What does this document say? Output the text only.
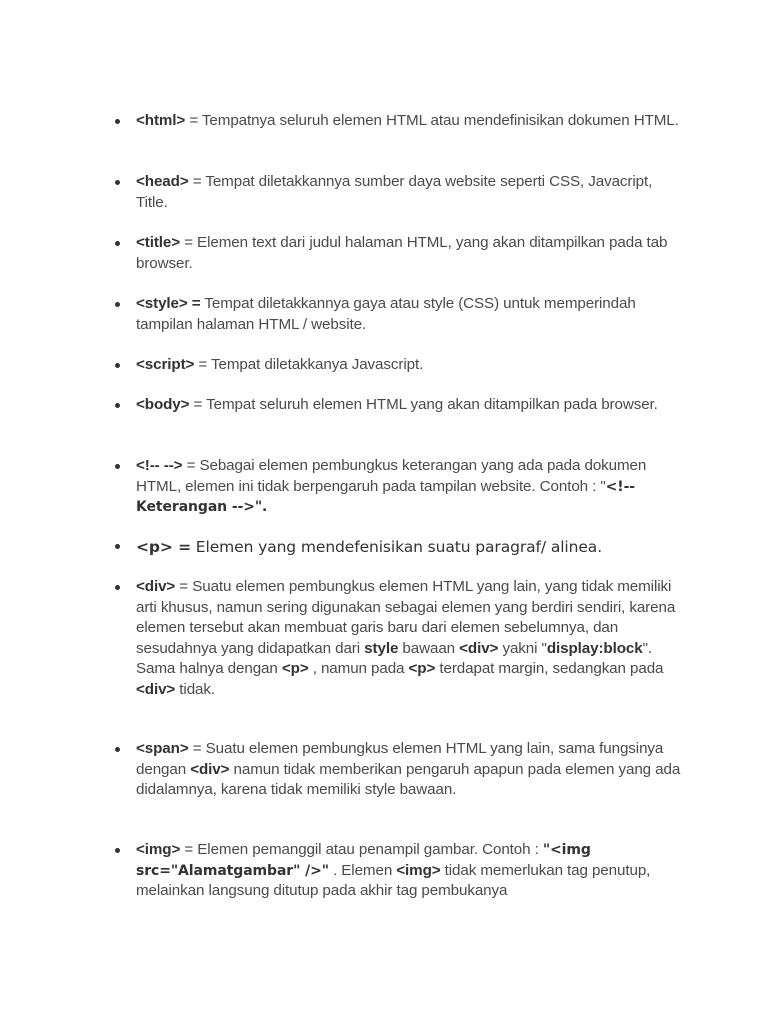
<html> = Tempatnya seluruh elemen HTML atau mendefinisikan dokumen HTML.
<head> = Tempat diletakkannya sumber daya website seperti CSS, Javacript, Title.
<title> = Elemen text dari judul halaman HTML, yang akan ditampilkan pada tab browser.
<style> = Tempat diletakkannya gaya atau style (CSS) untuk memperindah tampilan halaman HTML / website.
<script> = Tempat diletakkanya Javascript.
<body> = Tempat seluruh elemen HTML yang akan ditampilkan pada browser.
<!-- --> = Sebagai elemen pembungkus keterangan yang ada pada dokumen HTML, elemen ini tidak berpengaruh pada tampilan website. Contoh : "<!-- Keterangan -->".
<p> = Elemen yang mendefenisikan suatu paragraf/ alinea.
<div> = Suatu elemen pembungkus elemen HTML yang lain, yang tidak memiliki arti khusus, namun sering digunakan sebagai elemen yang berdiri sendiri, karena elemen tersebut akan membuat garis baru dari elemen sebelumnya, dan sesudahnya yang didapatkan dari style bawaan <div> yakni "display:block". Sama halnya dengan <p> , namun pada <p> terdapat margin, sedangkan pada <div> tidak.
<span> = Suatu elemen pembungkus elemen HTML yang lain, sama fungsinya dengan <div> namun tidak memberikan pengaruh apapun pada elemen yang ada didalamnya, karena tidak memiliki style bawaan.
<img> = Elemen pemanggil atau penampil gambar. Contoh : "<img src="Alamatgambar" />" . Elemen <img> tidak memerlukan tag penutup, melainkan langsung ditutup pada akhir tag pembukanya
